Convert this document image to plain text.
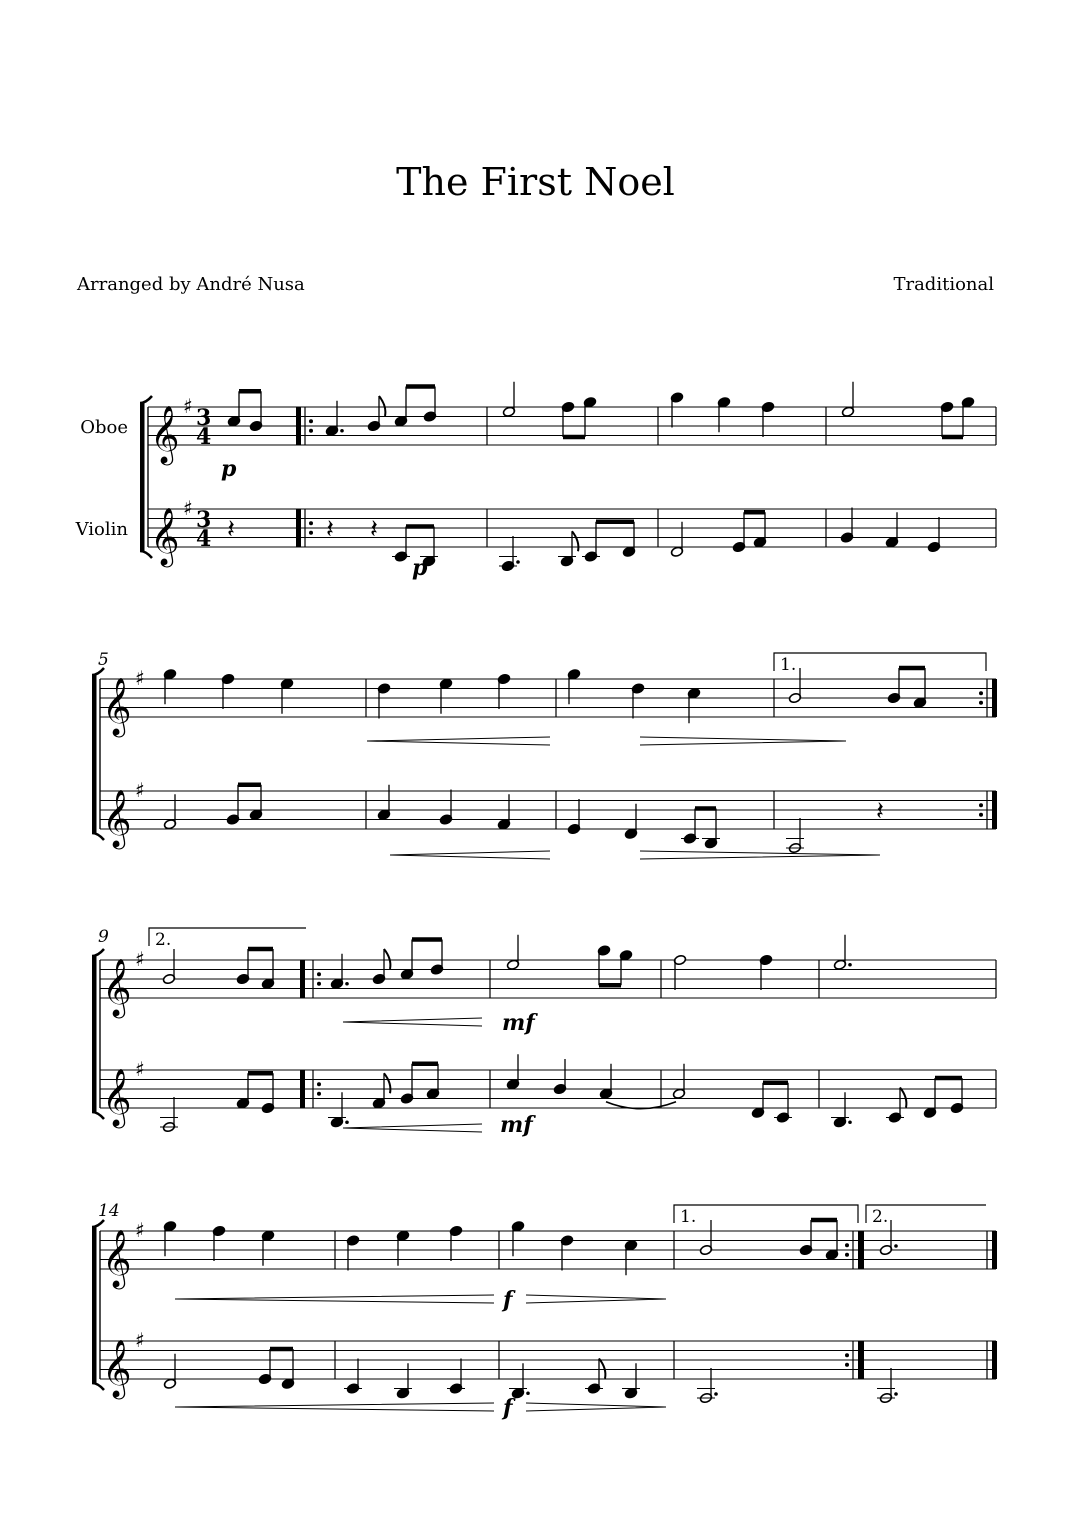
The First Noel
Arranged by André Nusa	Traditional
Oboe
Violin
𝄞 ♯ 3
4
𝄞 ♯ 3
4
p
𝄽	𝄽 𝄽
p
5
𝄞 ♯
𝄞 ♯
1.
𝄽
9
𝄞 ♯
𝄞 ♯
2.
mf
mf
14
𝄞 ♯
𝄞 ♯
1.	2.
f
f
